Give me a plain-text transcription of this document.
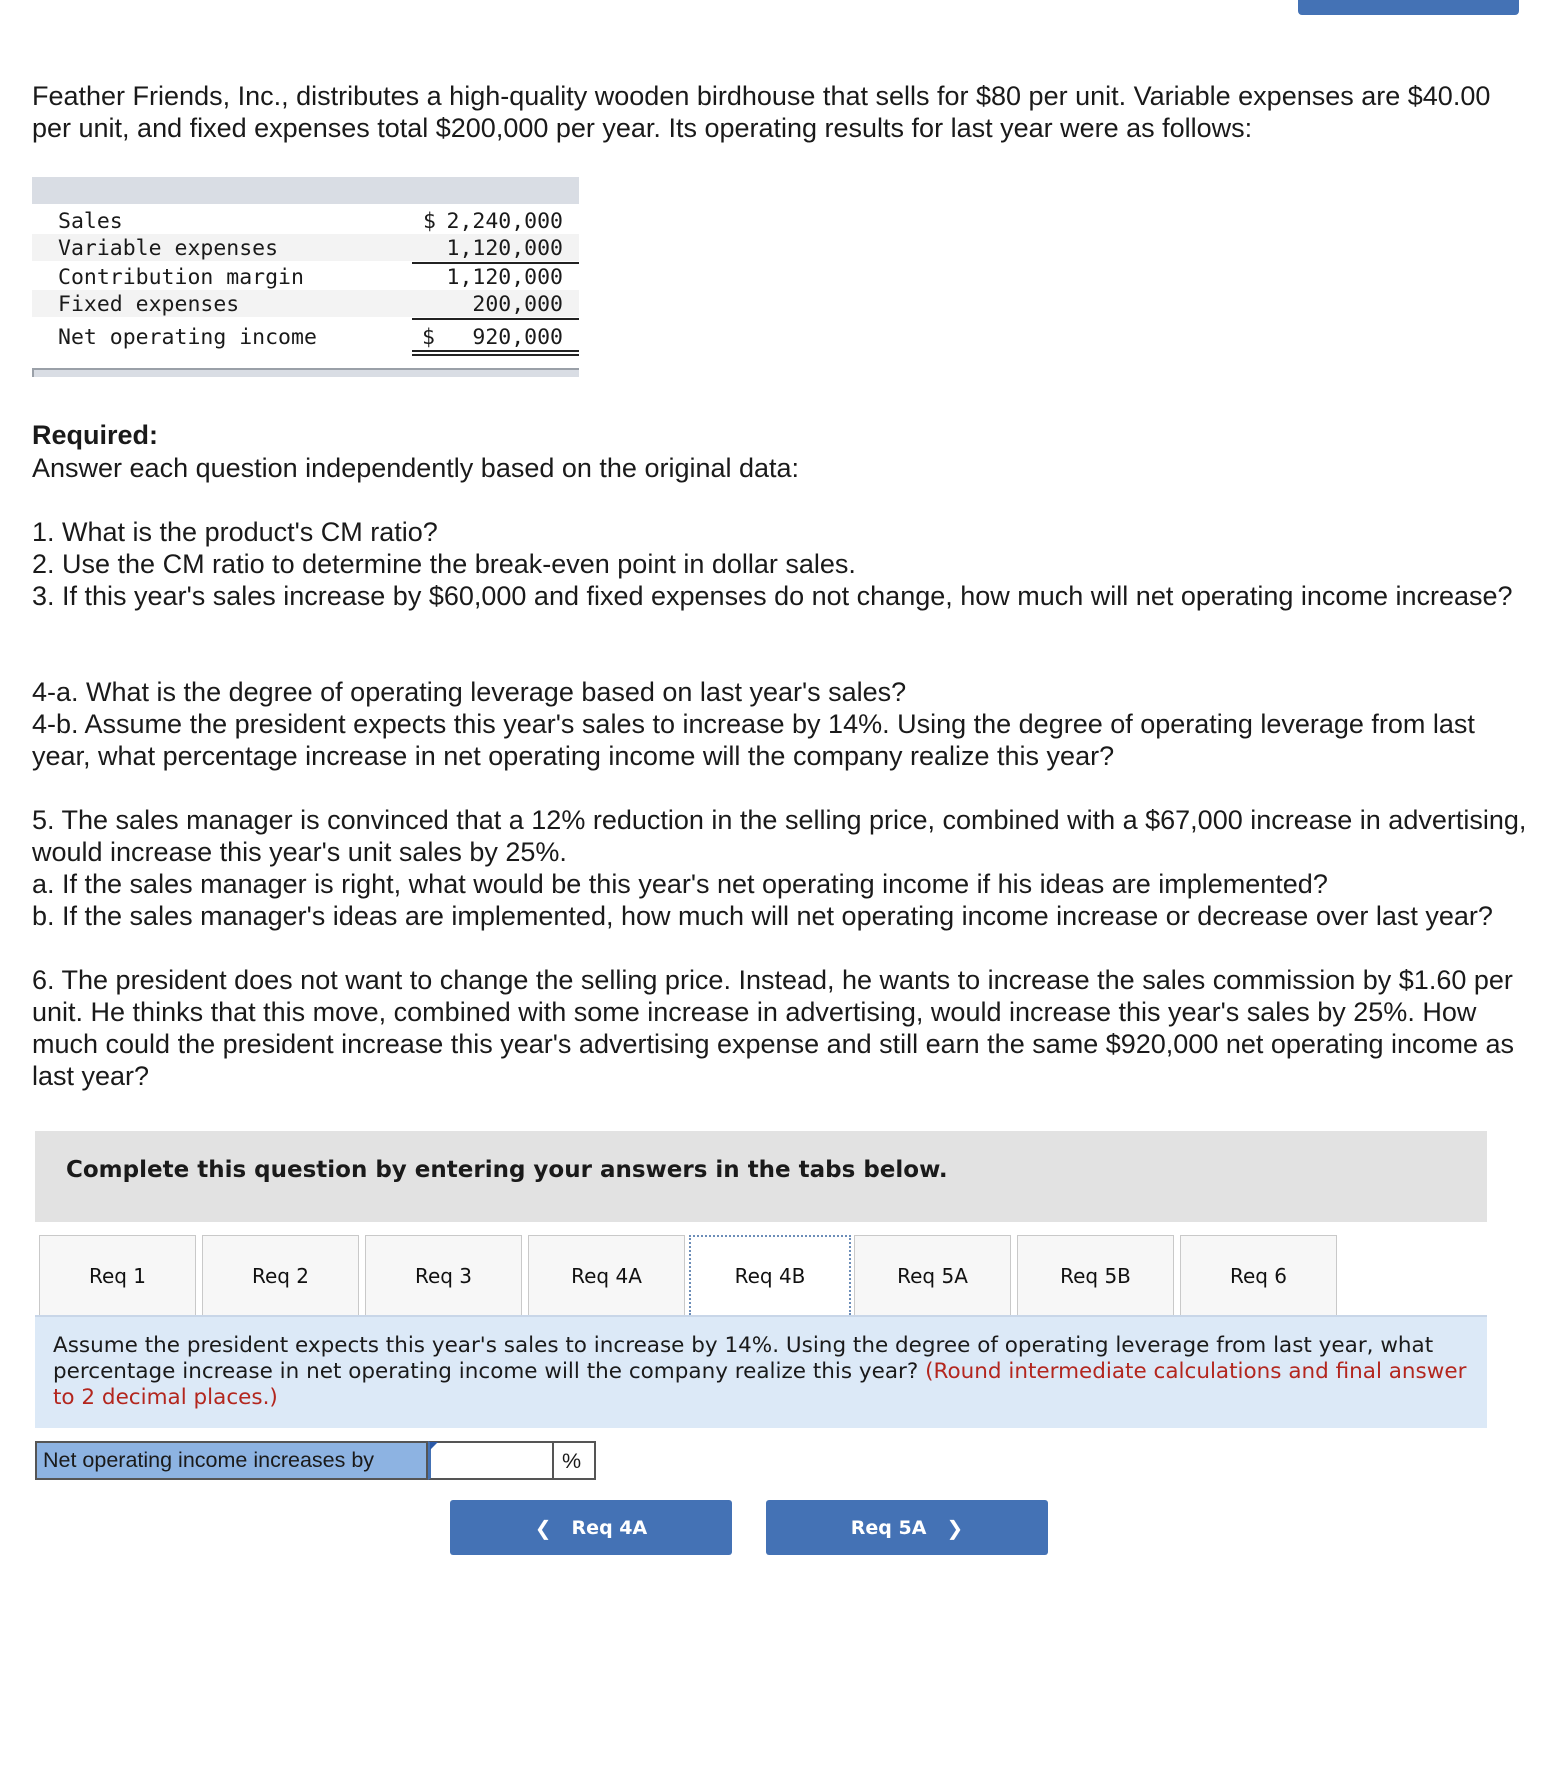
Feather Friends, Inc., distributes a high-quality wooden birdhouse that sells for $80 per unit. Variable expenses are $40.00 per unit, and fixed expenses total $200,000 per year. Its operating results for last year were as follows:

Sales	$ 2,240,000
Variable expenses	1,120,000
Contribution margin	1,120,000
Fixed expenses	200,000
Net operating income	$ 920,000

Required:

Answer each question independently based on the original data:

1. What is the product's CM ratio?

2. Use the CM ratio to determine the break-even point in dollar sales.

3. If this year's sales increase by $60,000 and fixed expenses do not change, how much will net operating income increase?

4-a. What is the degree of operating leverage based on last year's sales?

4-b. Assume the president expects this year's sales to increase by 14%. Using the degree of operating leverage from last year, what percentage increase in net operating income will the company realize this year?

5. The sales manager is convinced that a 12% reduction in the selling price, combined with a $67,000 increase in advertising, would increase this year's unit sales by 25%.

a. If the sales manager is right, what would be this year's net operating income if his ideas are implemented?

b. If the sales manager's ideas are implemented, how much will net operating income increase or decrease over last year?

6. The president does not want to change the selling price. Instead, he wants to increase the sales commission by $1.60 per unit. He thinks that this move, combined with some increase in advertising, would increase this year's sales by 25%. How much could the president increase this year's advertising expense and still earn the same $920,000 net operating income as last year?

Complete this question by entering your answers in the tabs below.
Req 1	Req 2	Req 3	Req 4A	Req 4B	Req 5A	Req 5B	Req 6
Assume the president expects this year's sales to increase by 14%. Using the degree of operating leverage from last year, what percentage increase in net operating income will the company realize this year? (Round intermediate calculations and final answer to 2 decimal places.)
Net operating income increases by	%
❮ Req 4A	Req 5A ❯
